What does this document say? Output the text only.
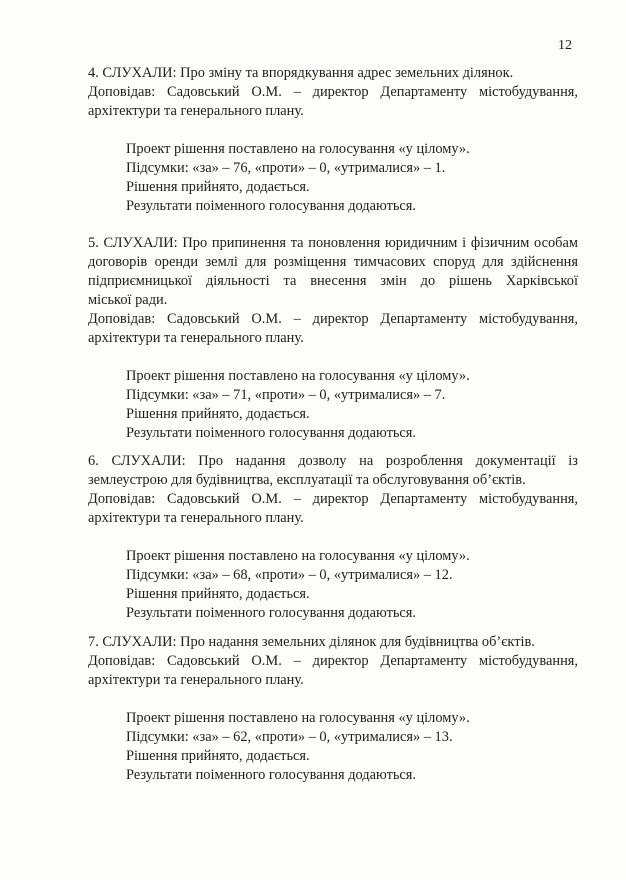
12
4. СЛУХАЛИ: Про зміну та впорядкування адрес земельних ділянок.
Доповідав: Садовський О.М. – директор Департаменту містобудування,
архітектури та генерального плану.
Проект рішення поставлено на голосування «у цілому».
Підсумки: «за» – 76, «проти» – 0, «утрималися» – 1.
Рішення прийнято, додається.
Результати поіменного голосування додаються.
5. СЛУХАЛИ: Про припинення та поновлення юридичним і фізичним особам
договорів оренди землі для розміщення тимчасових споруд для здійснення
підприємницької діяльності та внесення змін до рішень Харківської
міської ради.
Доповідав: Садовський О.М. – директор Департаменту містобудування,
архітектури та генерального плану.
Проект рішення поставлено на голосування «у цілому».
Підсумки: «за» – 71, «проти» – 0, «утрималися» – 7.
Рішення прийнято, додається.
Результати поіменного голосування додаються.
6. СЛУХАЛИ: Про надання дозволу на розроблення документації із
землеустрою для будівництва, експлуатації та обслуговування об’єктів.
Доповідав: Садовський О.М. – директор Департаменту містобудування,
архітектури та генерального плану.
Проект рішення поставлено на голосування «у цілому».
Підсумки: «за» – 68, «проти» – 0, «утрималися» – 12.
Рішення прийнято, додається.
Результати поіменного голосування додаються.
7. СЛУХАЛИ: Про надання земельних ділянок для будівництва об’єктів.
Доповідав: Садовський О.М. – директор Департаменту містобудування,
архітектури та генерального плану.
Проект рішення поставлено на голосування «у цілому».
Підсумки: «за» – 62, «проти» – 0, «утрималися» – 13.
Рішення прийнято, додається.
Результати поіменного голосування додаються.
